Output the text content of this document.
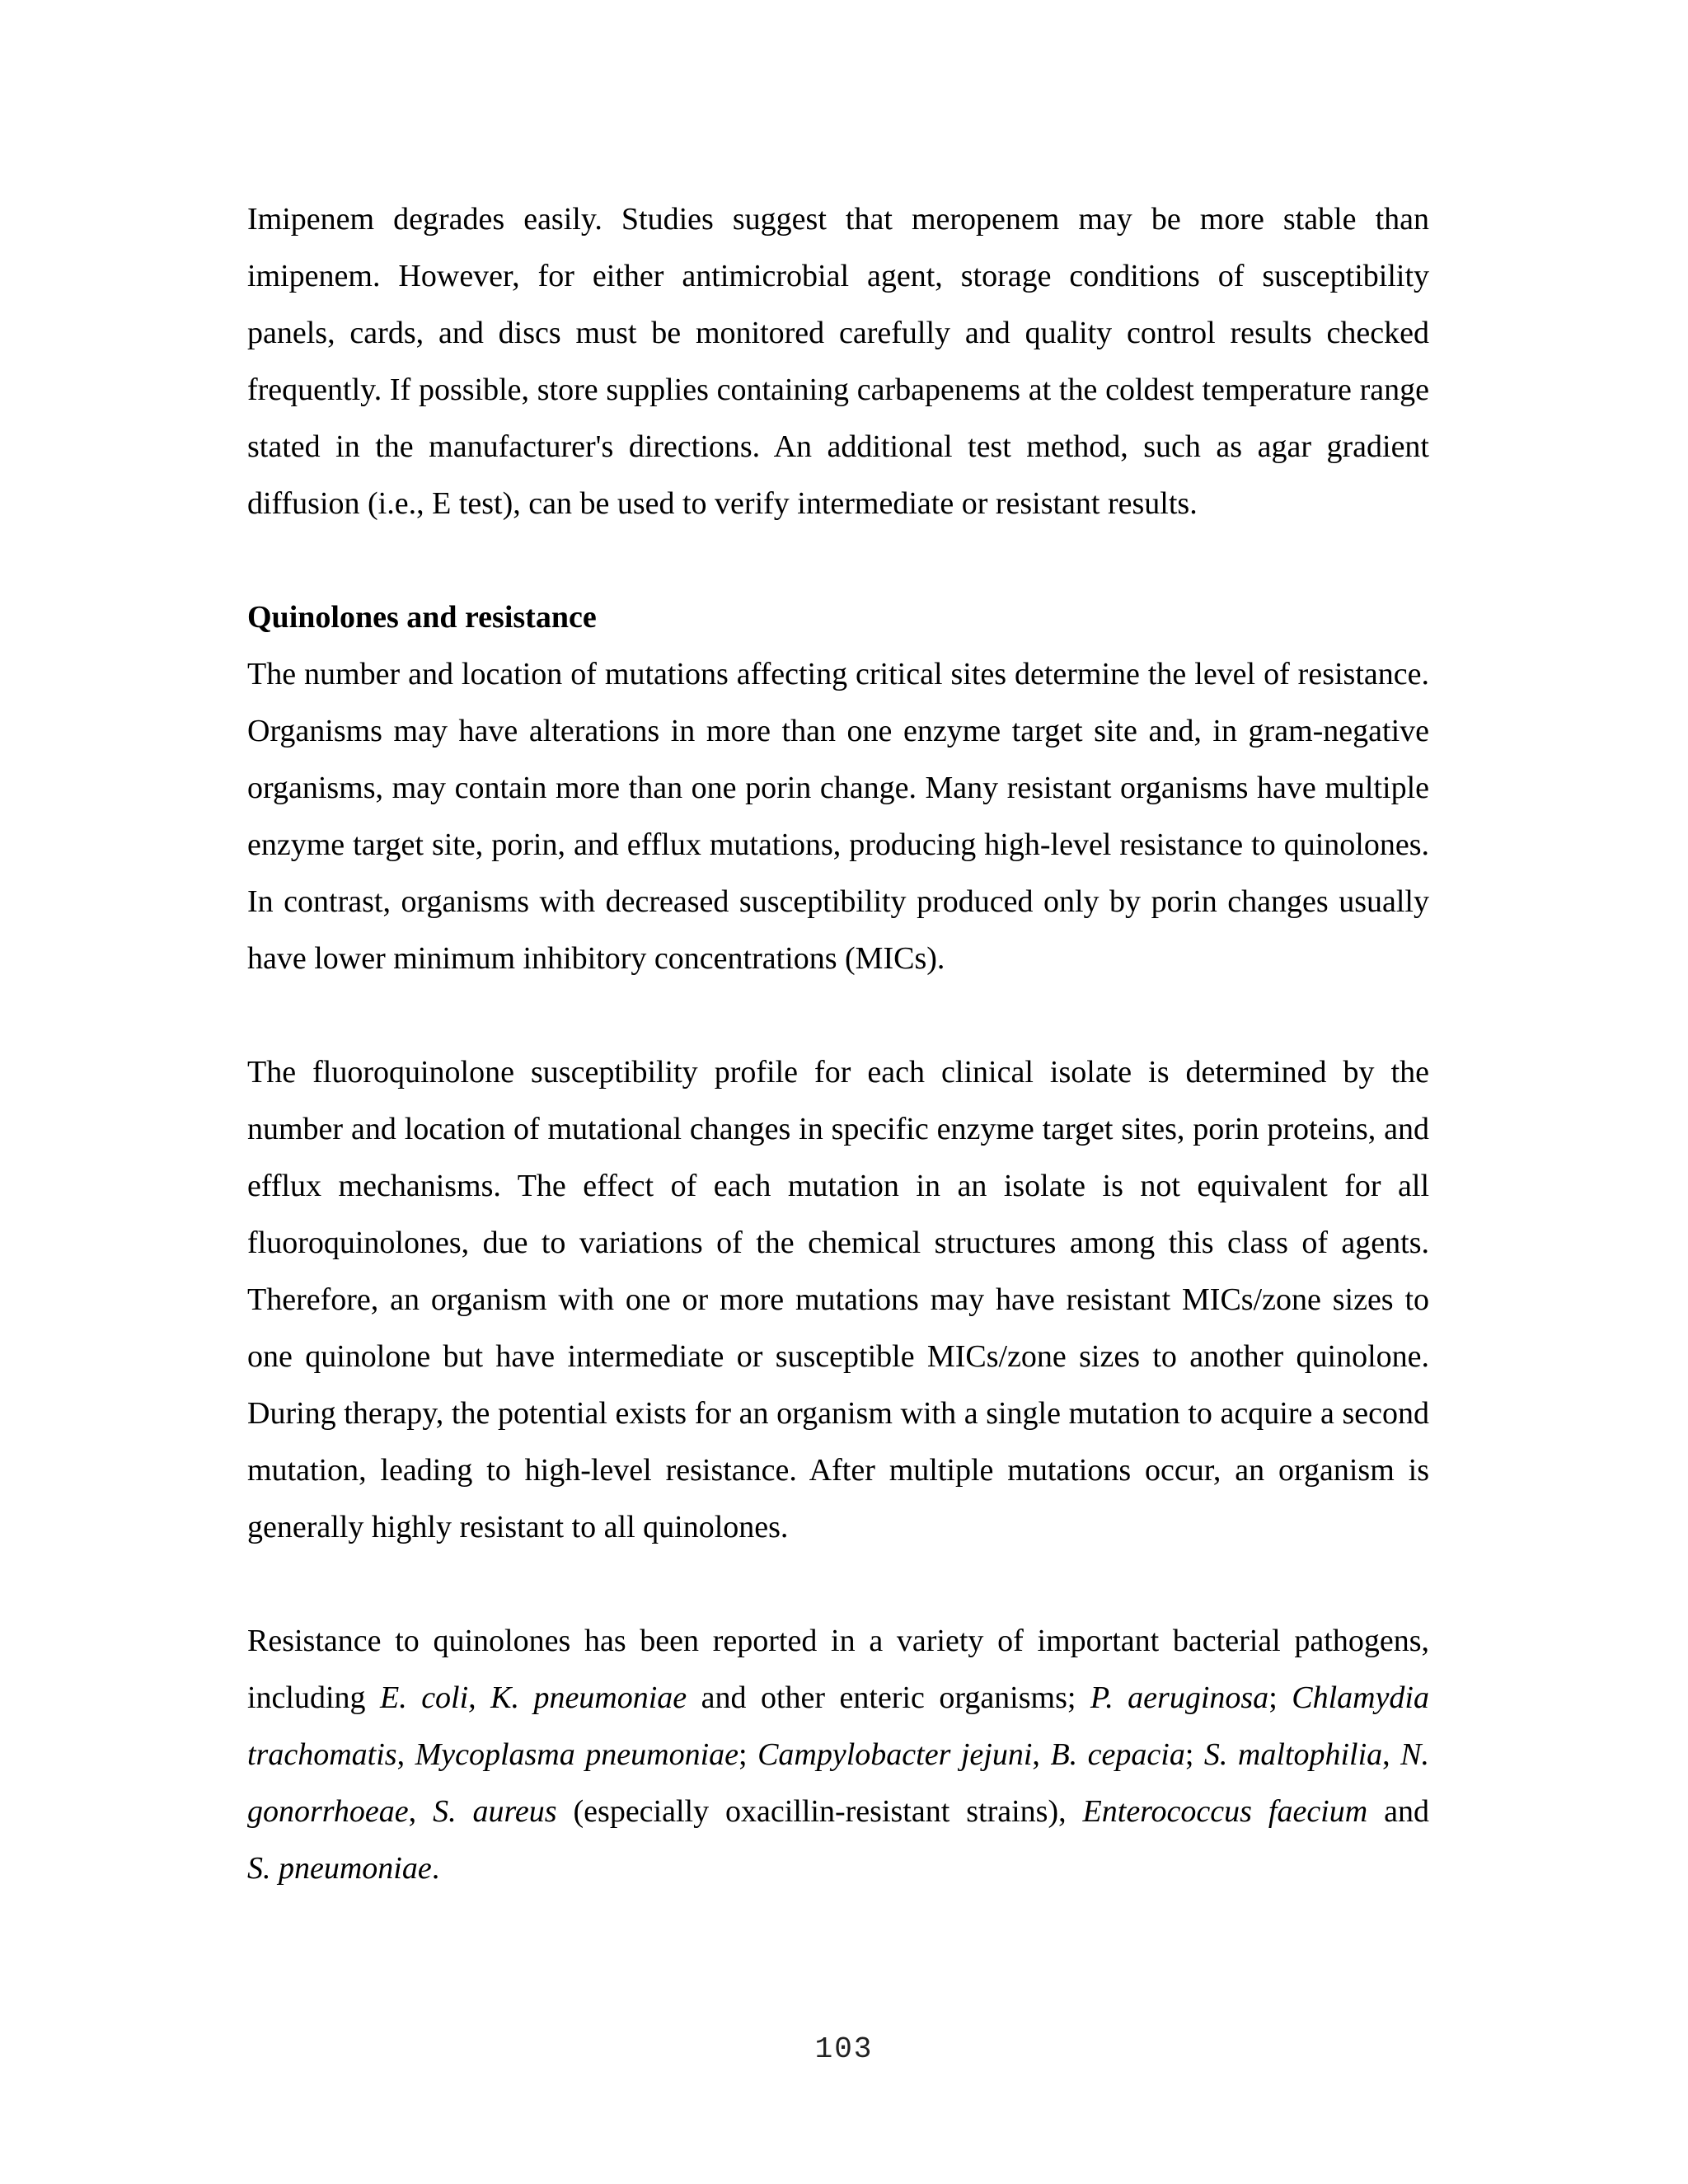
Imipenem degrades easily. Studies suggest that meropenem may be more stable than imipenem. However, for either antimicrobial agent, storage conditions of susceptibility panels, cards, and discs must be monitored carefully and quality control results checked frequently. If possible, store supplies containing carbapenems at the coldest temperature range stated in the manufacturer's directions. An additional test method, such as agar gradient diffusion (i.e., E test), can be used to verify intermediate or resistant results.

Quinolones and resistance

The number and location of mutations affecting critical sites determine the level of resistance. Organisms may have alterations in more than one enzyme target site and, in gram-negative organisms, may contain more than one porin change. Many resistant organisms have multiple enzyme target site, porin, and efflux mutations, producing high-level resistance to quinolones. In contrast, organisms with decreased susceptibility produced only by porin changes usually have lower minimum inhibitory concentrations (MICs).

The fluoroquinolone susceptibility profile for each clinical isolate is determined by the number and location of mutational changes in specific enzyme target sites, porin proteins, and efflux mechanisms. The effect of each mutation in an isolate is not equivalent for all fluoroquinolones, due to variations of the chemical structures among this class of agents. Therefore, an organism with one or more mutations may have resistant MICs/zone sizes to one quinolone but have intermediate or susceptible MICs/zone sizes to another quinolone. During therapy, the potential exists for an organism with a single mutation to acquire a second mutation, leading to high-level resistance. After multiple mutations occur, an organism is generally highly resistant to all quinolones.

Resistance to quinolones has been reported in a variety of important bacterial pathogens, including E. coli, K. pneumoniae and other enteric organisms; P. aeruginosa; Chlamydia trachomatis, Mycoplasma pneumoniae; Campylobacter jejuni, B. cepacia; S. maltophilia, N. gonorrhoeae, S. aureus (especially oxacillin-resistant strains), Enterococcus faecium and
S. pneumoniae.
103
